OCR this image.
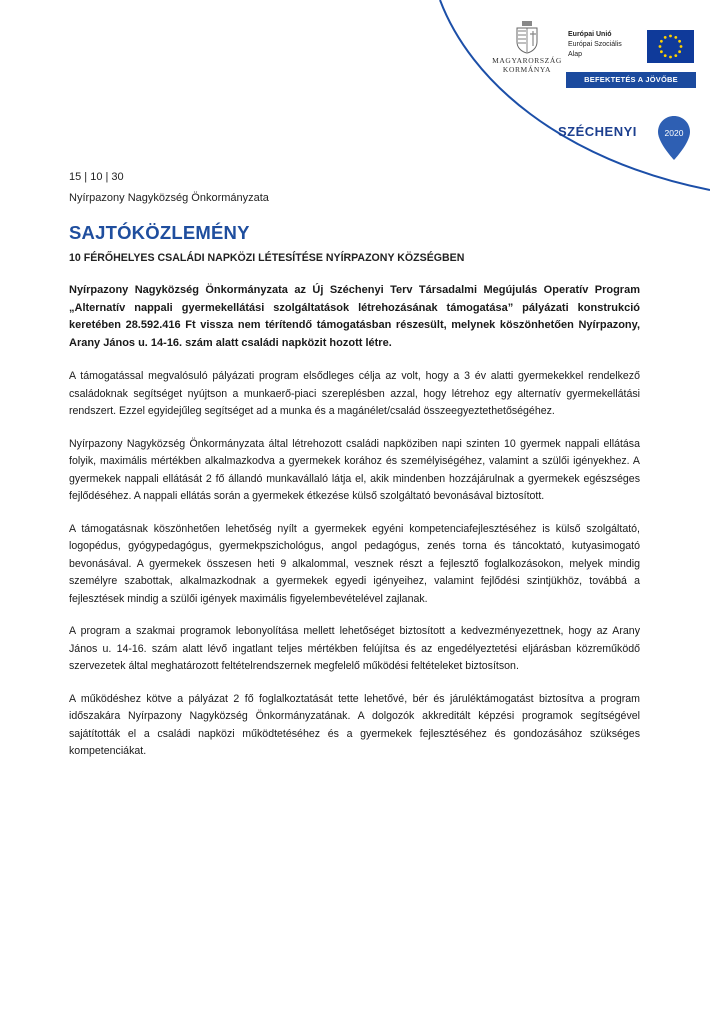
MAGYARORSZÁG
KORMÁNYA
Európai Unió
Európai Szociális
Alap
BEFEKTETÉS A JÖVŐBE
SZÉCHENYI	2020
15 | 10 | 30
Nyírpazony Nagyközség Önkormányzata
SAJTÓKÖZLEMÉNY
10 FÉRŐHELYES CSALÁDI NAPKÖZI LÉTESÍTÉSE NYÍRPAZONY KÖZSÉGBEN

Nyírpazony Nagyközség Önkormányzata az Új Széchenyi Terv Társadalmi Megújulás Operatív Program „Alternatív nappali gyermekellátási szolgáltatások létrehozásának támogatása” pályázati konstrukció keretében 28.592.416 Ft vissza nem térítendő támogatásban részesült, melynek köszönhetően Nyírpazony, Arany János u. 14-16. szám alatt családi napközit hozott létre.

A támogatással megvalósuló pályázati program elsődleges célja az volt, hogy a 3 év alatti gyermekekkel rendelkező családoknak segítséget nyújtson a munkaerő-piaci szereplésben azzal, hogy létrehoz egy alternatív gyermekellátási rendszert. Ezzel egyidejűleg segítséget ad a munka és a magánélet/család összeegyeztethetőségéhez.

Nyírpazony Nagyközség Önkormányzata által létrehozott családi napköziben napi szinten 10 gyermek nappali ellátása folyik, maximális mértékben alkalmazkodva a gyermekek korához és személyiségéhez, valamint a szülői igényekhez. A gyermekek nappali ellátását 2 fő állandó munkavállaló látja el, akik mindenben hozzájárulnak a gyermekek egészséges fejlődéséhez. A nappali ellátás során a gyermekek étkezése külső szolgáltató bevonásával biztosított.

A támogatásnak köszönhetően lehetőség nyílt a gyermekek egyéni kompetenciafejlesztéséhez is külső szolgáltató, logopédus, gyógypedagógus, gyermekpszichológus, angol pedagógus, zenés torna és táncoktató, kutyasimogató bevonásával. A gyermekek összesen heti 9 alkalommal, vesznek részt a fejlesztő foglalkozásokon, melyek mindig személyre szabottak, alkalmazkodnak a gyermekek egyedi igényeihez, valamint fejlődési szintjükhöz, továbbá a fejlesztések mindig a szülői igények maximális figyelembevételével zajlanak.

A program a szakmai programok lebonyolítása mellett lehetőséget biztosított a kedvezményezettnek, hogy az Arany János u. 14-16. szám alatt lévő ingatlant teljes mértékben felújítsa és az engedélyeztetési eljárásban közreműködő szervezetek által meghatározott feltételrendszernek megfelelő működési feltételeket biztosítson.

A működéshez kötve a pályázat 2 fő foglalkoztatását tette lehetővé, bér és járuléktámogatást biztosítva a program időszakára Nyírpazony Nagyközség Önkormányzatának. A dolgozók akkreditált képzési programok segítségével sajátították el a családi napközi működtetéséhez és a gyermekek fejlesztéséhez és gondozásához szükséges kompetenciákat.
